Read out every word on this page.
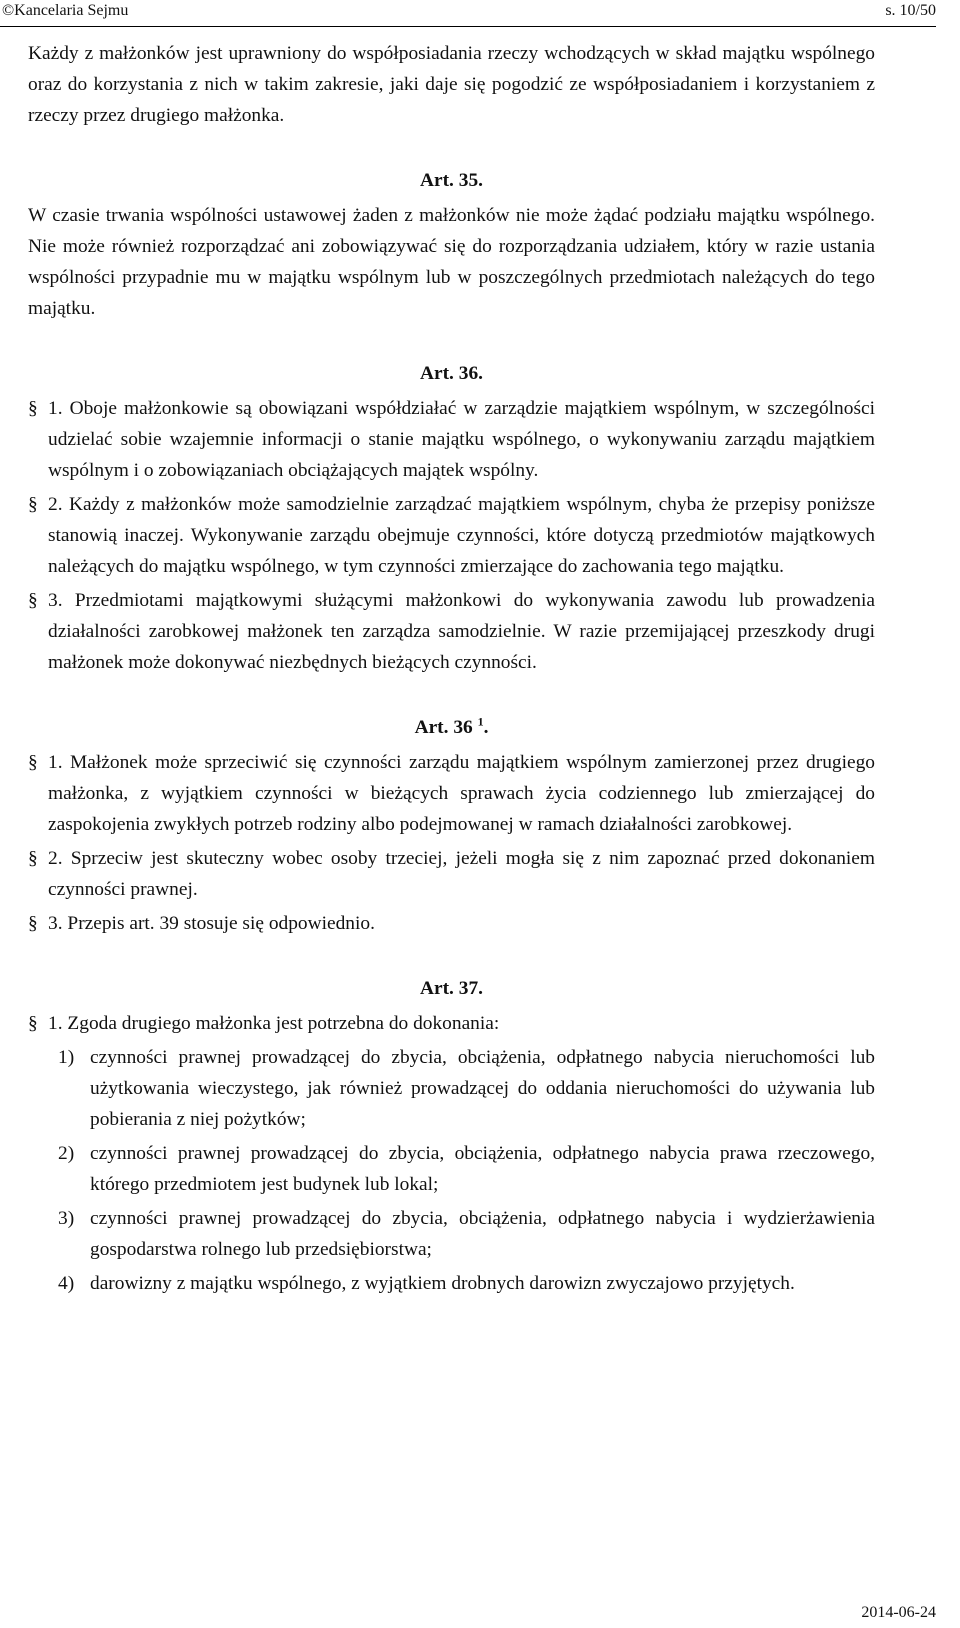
©Kancelaria Sejmu	s. 10/50

Każdy z małżonków jest uprawniony do współposiadania rzeczy wchodzących w skład majątku wspólnego oraz do korzystania z nich w takim zakresie, jaki daje się pogodzić ze współposiadaniem i korzystaniem z rzeczy przez drugiego małżonka.

Art. 35.

W czasie trwania wspólności ustawowej żaden z małżonków nie może żądać podziału majątku wspólnego. Nie może również rozporządzać ani zobowiązywać się do rozporządzania udziałem, który w razie ustania wspólności przypadnie mu w majątku wspólnym lub w poszczególnych przedmiotach należących do tego majątku.

Art. 36.
§ 1. Oboje małżonkowie są obowiązani współdziałać w zarządzie majątkiem wspólnym, w szczególności udzielać sobie wzajemnie informacji o stanie majątku wspólnego, o wykonywaniu zarządu majątkiem wspólnym i o zobowiązaniach obciążających majątek wspólny.
§ 2. Każdy z małżonków może samodzielnie zarządzać majątkiem wspólnym, chyba że przepisy poniższe stanowią inaczej. Wykonywanie zarządu obejmuje czynności, które dotyczą przedmiotów majątkowych należących do majątku wspólnego, w tym czynności zmierzające do zachowania tego majątku.
§ 3. Przedmiotami majątkowymi służącymi małżonkowi do wykonywania zawodu lub prowadzenia działalności zarobkowej małżonek ten zarządza samodzielnie. W razie przemijającej przeszkody drugi małżonek może dokonywać niezbędnych bieżących czynności.
Art. 36 $^1$.
§ 1. Małżonek może sprzeciwić się czynności zarządu majątkiem wspólnym zamierzonej przez drugiego małżonka, z wyjątkiem czynności w bieżących sprawach życia codziennego lub zmierzającej do zaspokojenia zwykłych potrzeb rodziny albo podejmowanej w ramach działalności zarobkowej.
§ 2. Sprzeciw jest skuteczny wobec osoby trzeciej, jeżeli mogła się z nim zapoznać przed dokonaniem czynności prawnej.
§ 3. Przepis art. 39 stosuje się odpowiednio.
Art. 37.
§ 1. Zgoda drugiego małżonka jest potrzebna do dokonania:
1) czynności prawnej prowadzącej do zbycia, obciążenia, odpłatnego nabycia nieruchomości lub użytkowania wieczystego, jak również prowadzącej do oddania nieruchomości do używania lub pobierania z niej pożytków;
2) czynności prawnej prowadzącej do zbycia, obciążenia, odpłatnego nabycia prawa rzeczowego, którego przedmiotem jest budynek lub lokal;
3) czynności prawnej prowadzącej do zbycia, obciążenia, odpłatnego nabycia i wydzierżawienia gospodarstwa rolnego lub przedsiębiorstwa;
4) darowizny z majątku wspólnego, z wyjątkiem drobnych darowizn zwyczajowo przyjętych.
2014-06-24
